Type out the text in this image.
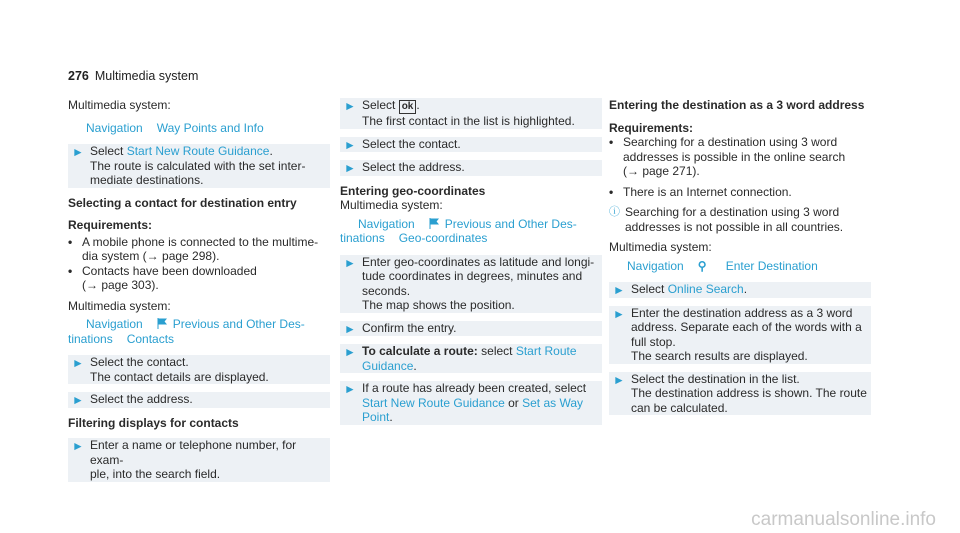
276 Multimedia system

Multimedia system:

Navigation Way Points and Info
► Select Start New Route Guidance.
The route is calculated with the set inter-
mediate destinations.

Selecting a contact for destination entry

Requirements:

• A mobile phone is connected to the multime-
dia system (→ page 298).
• Contacts have been downloaded
(→ page 303).

Multimedia system:

Navigation	Previous and Other Des-
tinations Contacts
► Select the contact.
The contact details are displayed.
► Select the address.

Filtering displays for contacts

► Enter a name or telephone number, for exam-
ple, into the search field.
► Select ok .
The first contact in the list is highlighted.
► Select the contact.
► Select the address.

Entering geo-coordinates

Multimedia system:

Navigation	Previous and Other Des-
tinations Geo-coordinates
► Enter geo-coordinates as latitude and longi-
tude coordinates in degrees, minutes and
seconds.
The map shows the position.
► Confirm the entry.
► To calculate a route: select Start Route
Guidance.
► If a route has already been created, select
Start New Route Guidance or Set as Way
Point.

Entering the destination as a 3 word address

Requirements:

• Searching for a destination using 3 word
addresses is possible in the online search
(→ page 271).
• There is an Internet connection.
ⓘ Searching for a destination using 3 word
addresses is not possible in all countries.

Multimedia system:

Navigation ⚲ Enter Destination
► Select Online Search.
► Enter the destination address as a 3 word
address. Separate each of the words with a
full stop.
The search results are displayed.
► Select the destination in the list.
The destination address is shown. The route
can be calculated.
carmanualsonline.info
